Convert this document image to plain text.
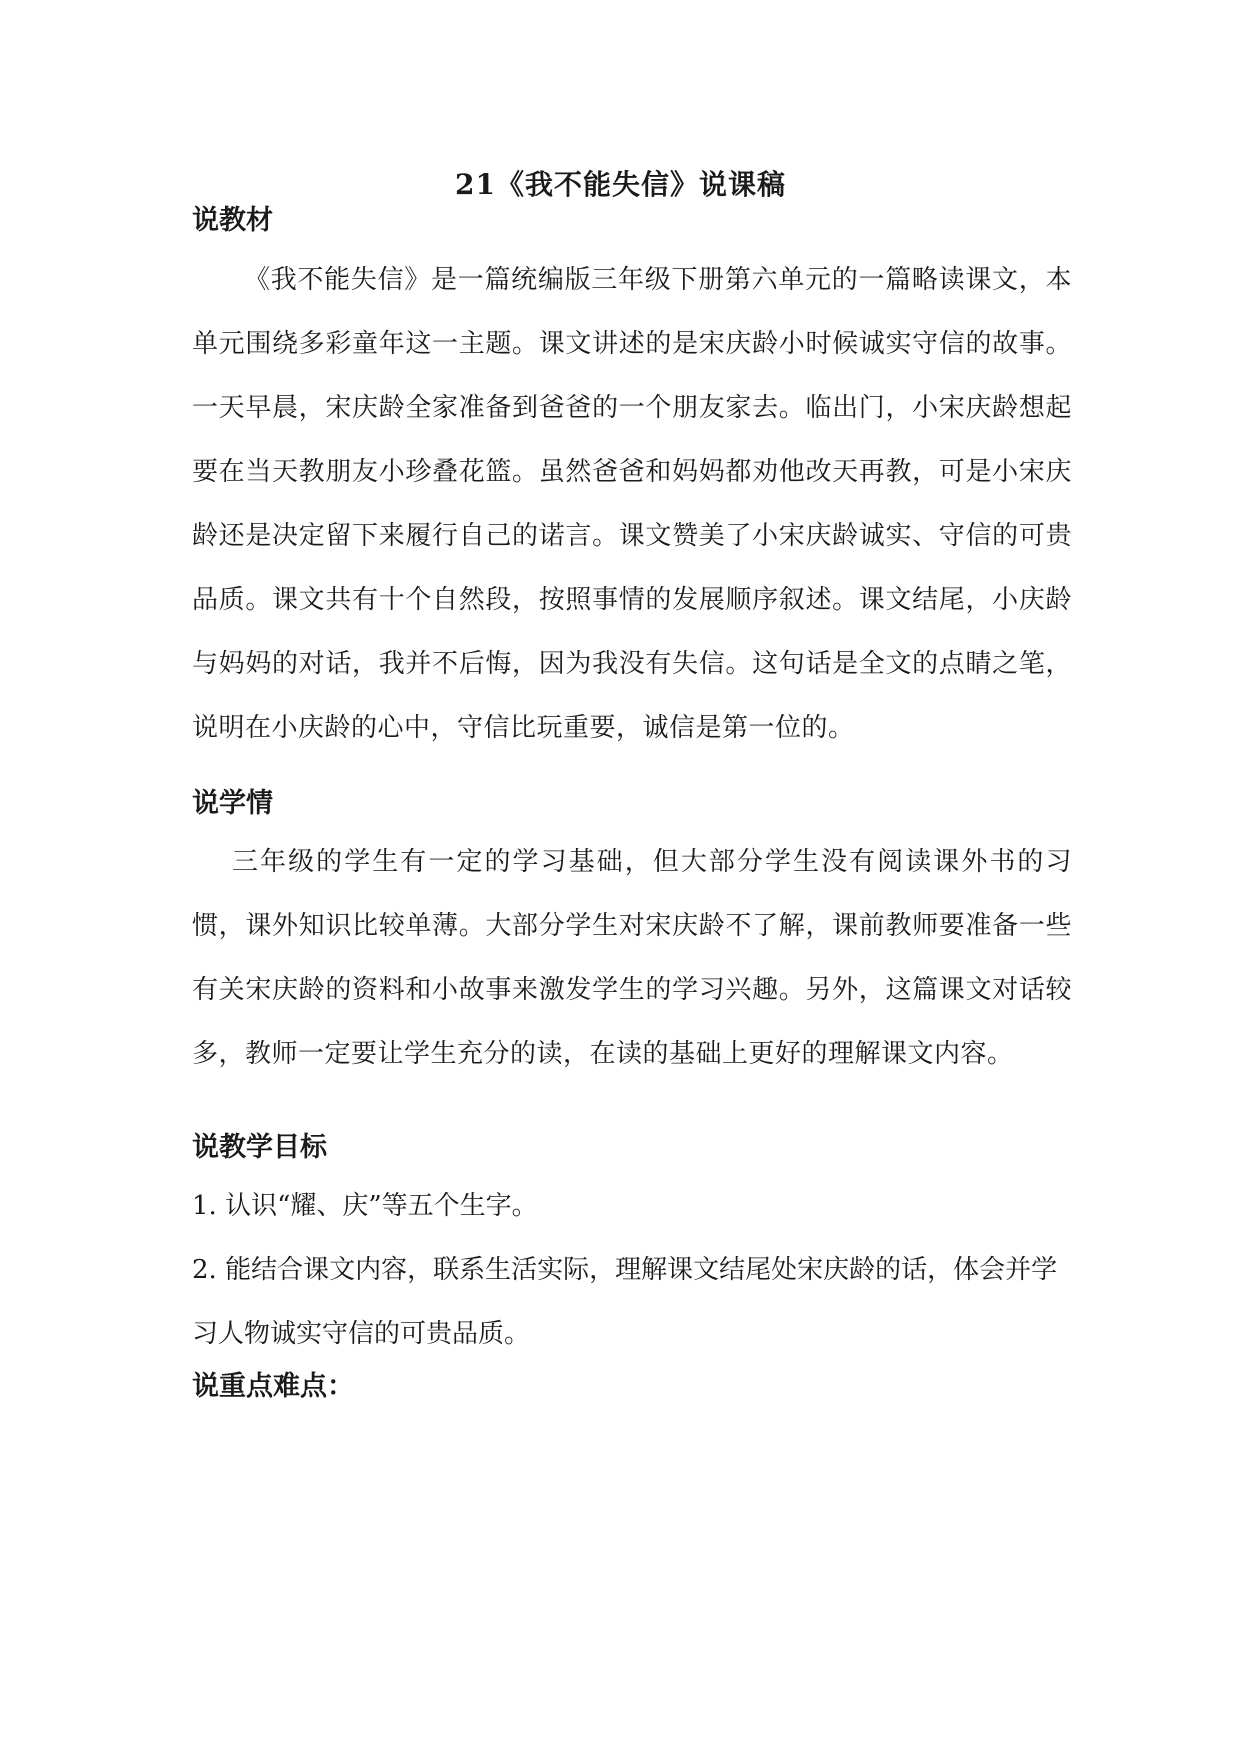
21《我不能失信》说课稿
说教材

《我不能失信》是一篇统编版三年级下册第六单元的一篇略读课文，本单元围绕多彩童年这一主题。课文讲述的是宋庆龄小时候诚实守信的故事。一天早晨，宋庆龄全家准备到爸爸的一个朋友家去。临出门，小宋庆龄想起要在当天教朋友小珍叠花篮。虽然爸爸和妈妈都劝他改天再教，可是小宋庆龄还是决定留下来履行自己的诺言。课文赞美了小宋庆龄诚实、守信的可贵品质。课文共有十个自然段，按照事情的发展顺序叙述。课文结尾，小庆龄与妈妈的对话，我并不后悔，因为我没有失信。这句话是全文的点睛之笔，说明在小庆龄的心中，守信比玩重要，诚信是第一位的。

说学情

三年级的学生有一定的学习基础，但大部分学生没有阅读课外书的习惯，课外知识比较单薄。大部分学生对宋庆龄不了解，课前教师要准备一些有关宋庆龄的资料和小故事来激发学生的学习兴趣。另外，这篇课文对话较多，教师一定要让学生充分的读，在读的基础上更好的理解课文内容。

说教学目标

1. 认识“耀、庆”等五个生字。

2. 能结合课文内容，联系生活实际，理解课文结尾处宋庆龄的话，体会并学习人物诚实守信的可贵品质。

说重点难点：
